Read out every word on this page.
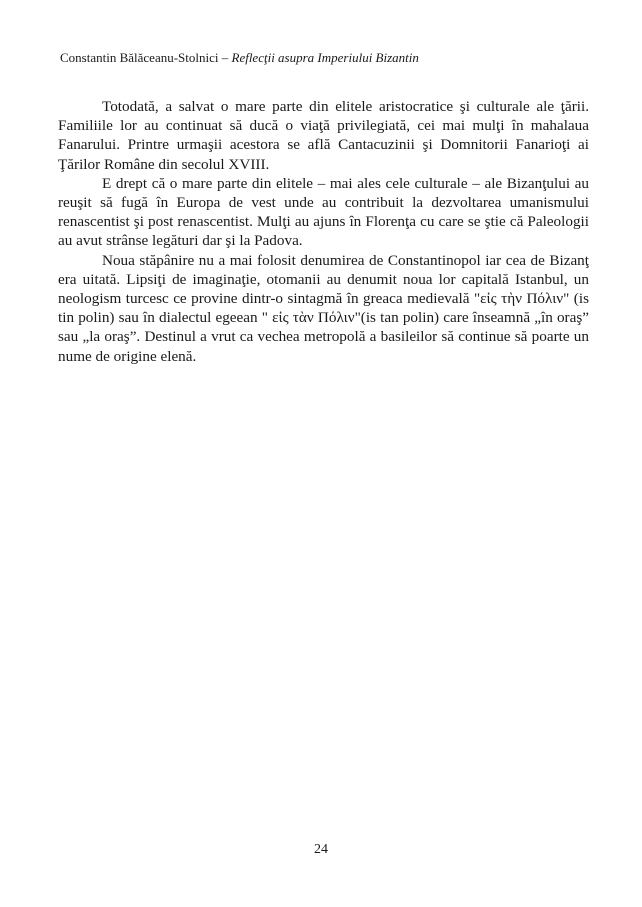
Constantin Bălăceanu-Stolnici – Reflecţii asupra Imperiului Bizantin

Totodată, a salvat o mare parte din elitele aristocratice şi culturale ale ţării. Familiile lor au continuat să ducă o viaţă privilegiată, cei mai mulţi în mahalaua Fanarului. Printre urmaşii acestora se află Cantacuzinii şi Domnitorii Fanarioţi ai Ţărilor Române din secolul XVIII.

E drept că o mare parte din elitele – mai ales cele culturale – ale Bizanţului au reuşit să fugă în Europa de vest unde au contribuit la dezvoltarea umanismului renascentist şi post renascentist. Mulţi au ajuns în Florenţa cu care se ştie că Paleologii au avut strânse legături dar şi la Padova.

Noua stăpânire nu a mai folosit denumirea de Constantinopol iar cea de Bizanţ era uitată. Lipsiţi de imaginaţie, otomanii au denumit noua lor capitală Istanbul, un neologism turcesc ce provine dintr-o sintagmă în greaca medievală "εἰς τὴν Πόλιν" (is tin polin) sau în dialectul egeean " εἰς τὰν Πόλιν"(is tan polin) care înseamnă „în oraş” sau „la oraş”. Destinul a vrut ca vechea metropolă a basileilor să continue să poarte un nume de origine elenă.

24
